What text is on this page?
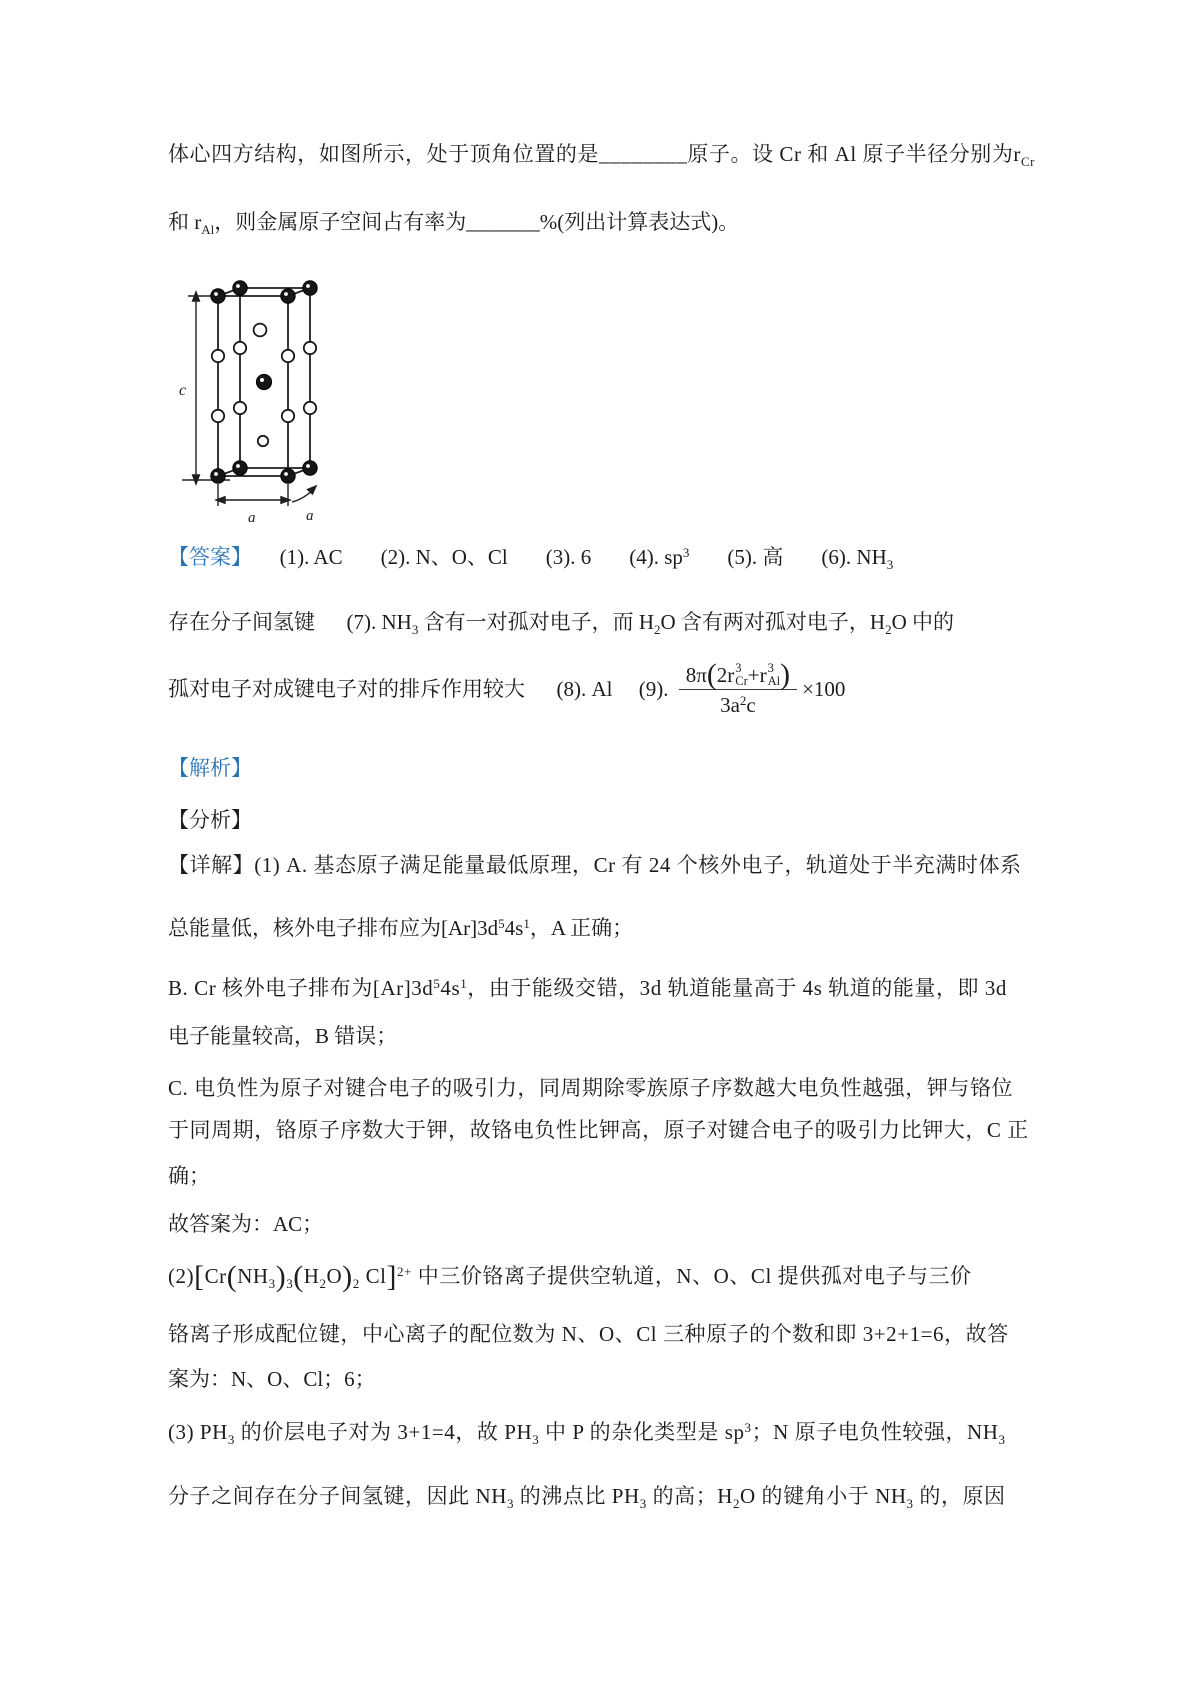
体心四方结构，如图所示，处于顶角位置的是________原子。设 Cr 和 Al 原子半径分别为$r_{Cr}$
和 $r_{Al}$，则金属原子空间占有率为_______%(列出计算表达式)。
c
a	a
【答案】 (1). AC (2). N、O、Cl (3). 6 (4). $sp^3$ (5). 高 (6). $NH_3$
存在分子间氢键      (7). $NH_3$ 含有一对孤对电子，而 $H_2O$ 含有两对孤对电子，$H_2O$ 中的
孤对电子对成键电子对的排斥作用较大      (8). Al     (9). 8π ( 2r 3
Cr +r 3
Al )
$3a^2c \times 100$
【解析】
【分析】
【详解】(1) A. 基态原子满足能量最低原理，Cr 有 24 个核外电子，轨道处于半充满时体系
总能量低，核外电子排布应为$[Ar]3d^54s^1$，A 正确；
B. Cr 核外电子排布为$[Ar]3d^54s^1$，由于能级交错，3d 轨道能量高于 4s 轨道的能量，即 3d
电子能量较高，B 错误；
C. 电负性为原子对键合电子的吸引力，同周期除零族原子序数越大电负性越强，钾与铬位
于同周期，铬原子序数大于钾，故铬电负性比钾高，原子对键合电子的吸引力比钾大，C 正
确；
故答案为：AC；
$(2)[Cr(NH_3)_3(H_2O)_2$ Cl]$^{2+}$ 中三价铬离子提供空轨道，N、O、Cl 提供孤对电子与三价
铬离子形成配位键，中心离子的配位数为 N、O、Cl 三种原子的个数和即 3+2+1=6，故答
案为：N、O、Cl；6；
(3) $PH_3$ 的价层电子对为 3+1=4，故 $PH_3$ 中 P 的杂化类型是 $sp^3$；N 原子电负性较强，$NH_3$
分子之间存在分子间氢键，因此 $NH_3$ 的沸点比 $PH_3$ 的高；$H_2O$ 的键角小于 $NH_3$ 的，原因
